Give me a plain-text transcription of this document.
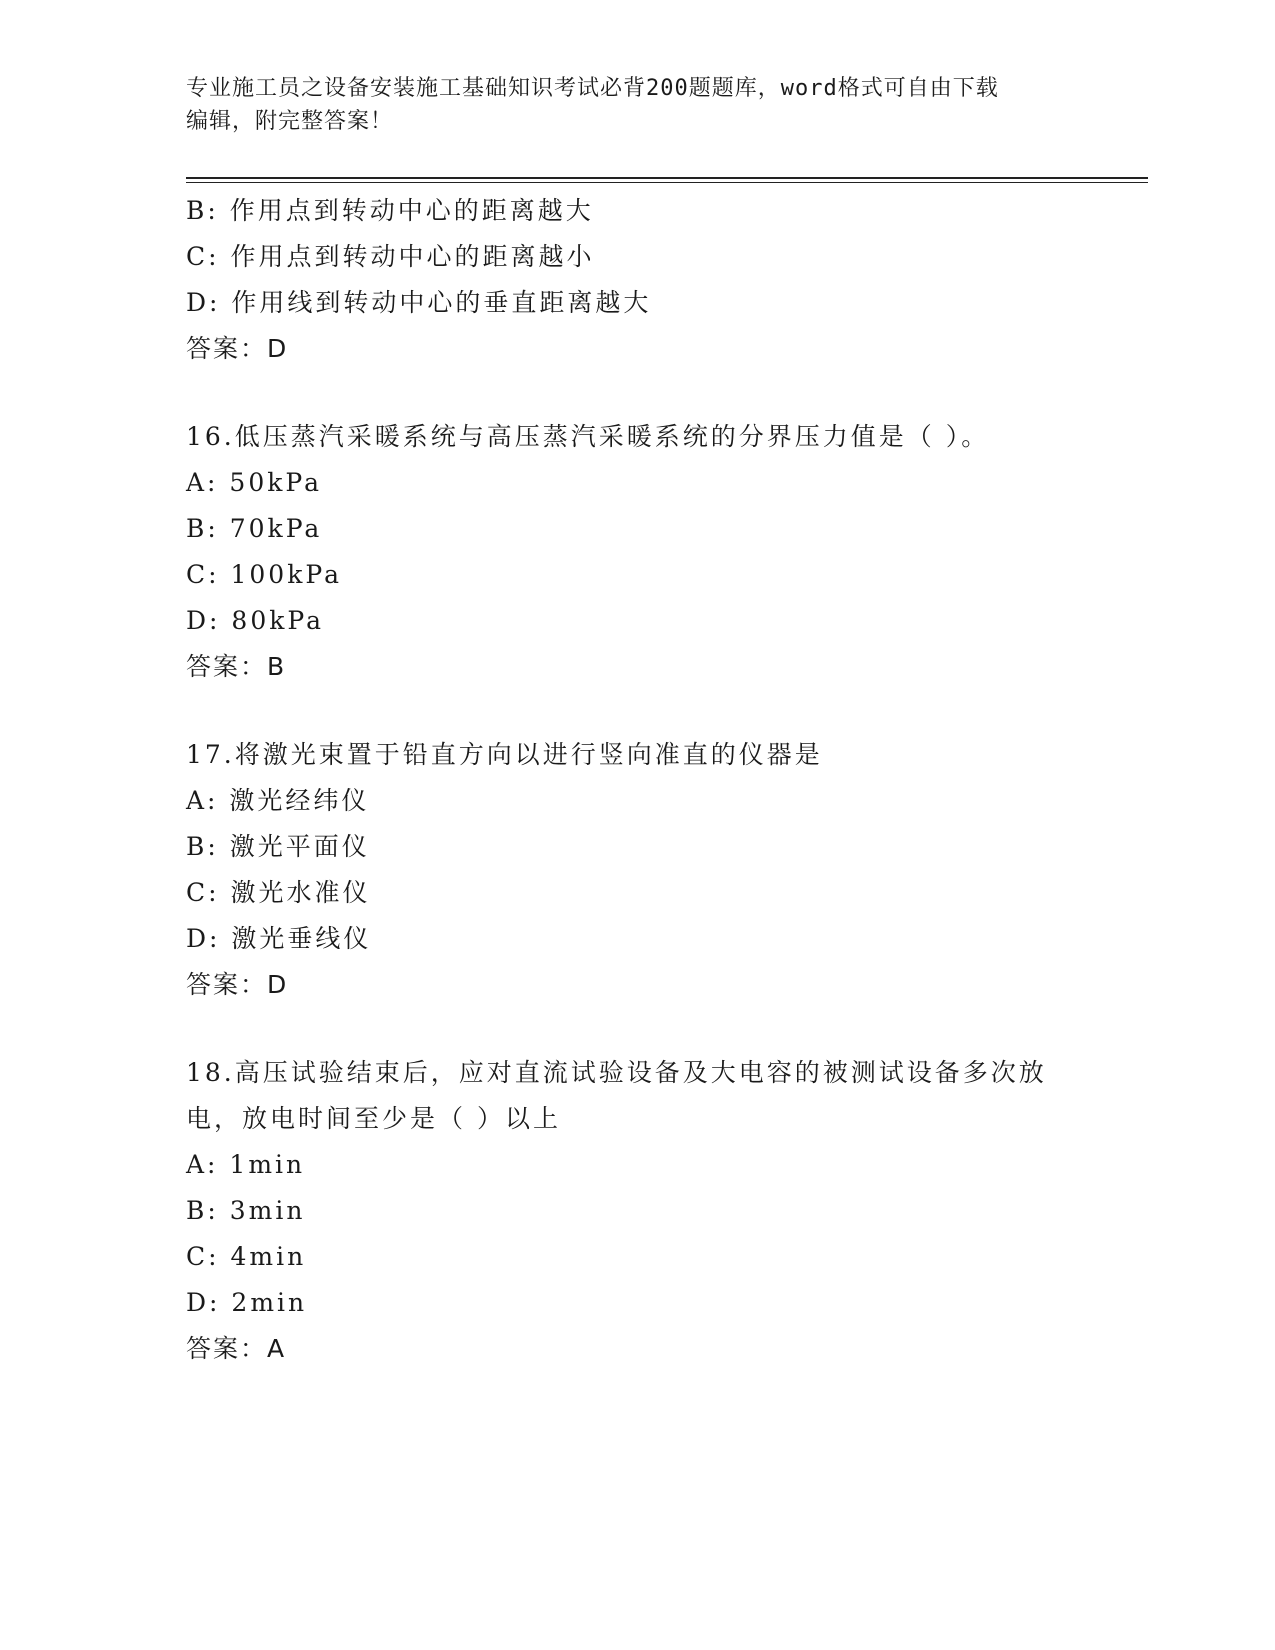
专业施工员之设备安装施工基础知识考试必背200题题库，word格式可自由下载
编辑，附完整答案！
B: 作用点到转动中心的距离越大
C: 作用点到转动中心的距离越小
D: 作用线到转动中心的垂直距离越大
答案：D
16.低压蒸汽采暖系统与高压蒸汽采暖系统的分界压力值是（ ）。
A: 50kPa
B: 70kPa
C: 100kPa
D: 80kPa
答案：B
17.将激光束置于铅直方向以进行竖向准直的仪器是
A: 激光经纬仪
B: 激光平面仪
C: 激光水准仪
D: 激光垂线仪
答案：D
18.高压试验结束后，应对直流试验设备及大电容的被测试设备多次放
电，放电时间至少是（ ）以上
A: 1min
B: 3min
C: 4min
D: 2min
答案：A
